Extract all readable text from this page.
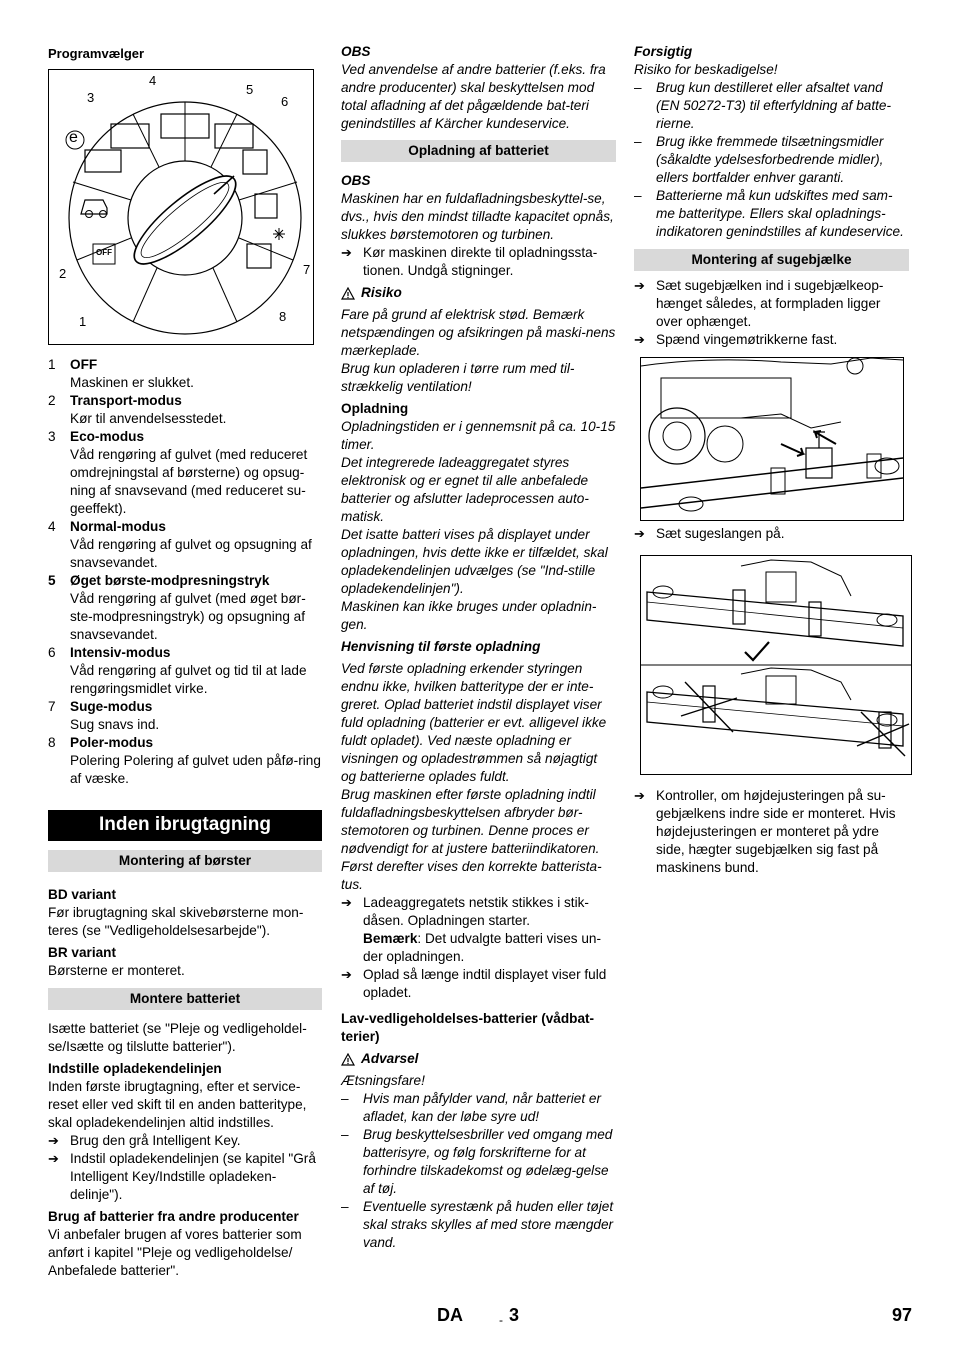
Programvælger

OFF
e
1
2
3
4
5
6
7
8
1	OFF
Maskinen er slukket.
2	Transport-modus
Kør til anvendelsesstedet.
3	Eco-modus
Våd rengøring af gulvet (med reduceret omdrejningstal af børsterne) og opsug-ning af snavsevand (med reduceret su-geeffekt).
4	Normal-modus
Våd rengøring af gulvet og opsugning af snavsevandet.
5	Øget børste-modpresningstryk
Våd rengøring af gulvet (med øget bør-ste-modpresningstryk) og opsugning af snavsevandet.
6	Intensiv-modus
Våd rengøring af gulvet og tid til at lade rengøringsmidlet virke.
7	Suge-modus
Sug snavs ind.
8	Poler-modus
Polering Polering af gulvet uden påfø-ring af væske.
Inden ibrugtagning
Montering af børster

BD variant

Før ibrugtagning skal skivebørsterne mon-teres (se "Vedligeholdelsesarbejde").

BR variant

Børsterne er monteret.

Montere batteriet

Isætte batteriet (se "Pleje og vedligeholdel-se/Isætte og tilslutte batterier").

Indstille opladekendelinjen

Inden første ibrugtagning, efter et service-reset eller ved skift til en anden batteritype, skal opladekendelinjen altid indstilles.

➔
Brug den grå Intelligent Key.
➔
Indstil opladekendelinjen (se kapitel "Grå Intelligent Key/Indstille opladeken-delinje").

Brug af batterier fra andre producenter

Vi anbefaler brugen af vores batterier som anført i kapitel "Pleje og vedligeholdelse/ Anbefalede batterier".

OBS

Ved anvendelse af andre batterier (f.eks. fra andre producenter) skal beskyttelsen mod total afladning af det pågældende bat-teri genindstilles af Kärcher kundeservice.

Opladning af batteriet

OBS

Maskinen har en fuldafladningsbeskyttel-se, dvs., hvis den mindst tilladte kapacitet opnås, slukkes børstemotoren og turbinen.

➔
Kør maskinen direkte til opladningssta-tionen. Undgå stigninger.
Risiko

Fare på grund af elektrisk stød. Bemærk netspændingen og afsikringen på maski-nens mærkeplade.

Brug kun opladeren i tørre rum med til-strækkelig ventilation!

Opladning

Opladningstiden er i gennemsnit på ca. 10-15 timer.

Det integrerede ladeaggregatet styres elektronisk og er egnet til alle anbefalede batterier og afslutter ladeprocessen auto-matisk.

Det isatte batteri vises på displayet under opladningen, hvis dette ikke er tilfældet, skal opladekendelinjen udvælges (se "Ind-stille opladekendelinjen").

Maskinen kan ikke bruges under opladnin-gen.

Henvisning til første opladning

Ved første opladning erkender styringen endnu ikke, hvilken batteritype der er inte-greret. Oplad batteriet indstil displayet viser fuld opladning (batterier er evt. alligevel ikke fuldt opladet). Ved næste opladning er visningen og opladestrømmen så nøjagtigt og batterierne oplades fuldt.

Brug maskinen efter første opladning indtil fuldafladningsbeskyttelsen afbryder bør-stemotoren og turbinen. Denne proces er nødvendigt for at justere batteriindikatoren. Først derefter vises den korrekte batterista-tus.

➔
Ladeaggregatets netstik stikkes i stik-dåsen. Opladningen starter.
Bemærk: Det udvalgte batteri vises un-der opladningen.
➔
Oplad så længe indtil displayet viser fuld opladet.

Lav-vedligeholdelses-batterier (vådbat-terier)

Advarsel

Ætsningsfare!

–	Hvis man påfylder vand, når batteriet er afladet, kan der løbe syre ud!
–	Brug beskyttelsesbriller ved omgang med batterisyre, og følg forskrifterne for at forhindre tilskadekomst og ødelæg-gelse af tøj.
–	Eventuelle syrestænk på huden eller tøjet skal straks skylles af med store mængder vand.

Forsigtig

Risiko for beskadigelse!

–	Brug kun destilleret eller afsaltet vand (EN 50272-T3) til efterfyldning af batte-rierne.
–	Brug ikke fremmede tilsætningsmidler (såkaldte ydelsesforbedrende midler), ellers bortfalder enhver garanti.
–	Batterierne må kun udskiftes med sam-me batteritype. Ellers skal opladnings-indikatoren genindstilles af kundeservice.
Montering af sugebjælke
➔
Sæt sugebjælken ind i sugebjælkeop-hænget således, at formpladen ligger over ophænget.
➔
Spænd vingemøtrikkerne fast.
➔
Sæt sugeslangen på.
➔
Kontroller, om højdejusteringen på su-gebjælkens indre side er monteret. Hvis højdejusteringen er monteret på ydre side, hægter sugebjælken sig fast på maskinens bund.
DA	- 3	97
